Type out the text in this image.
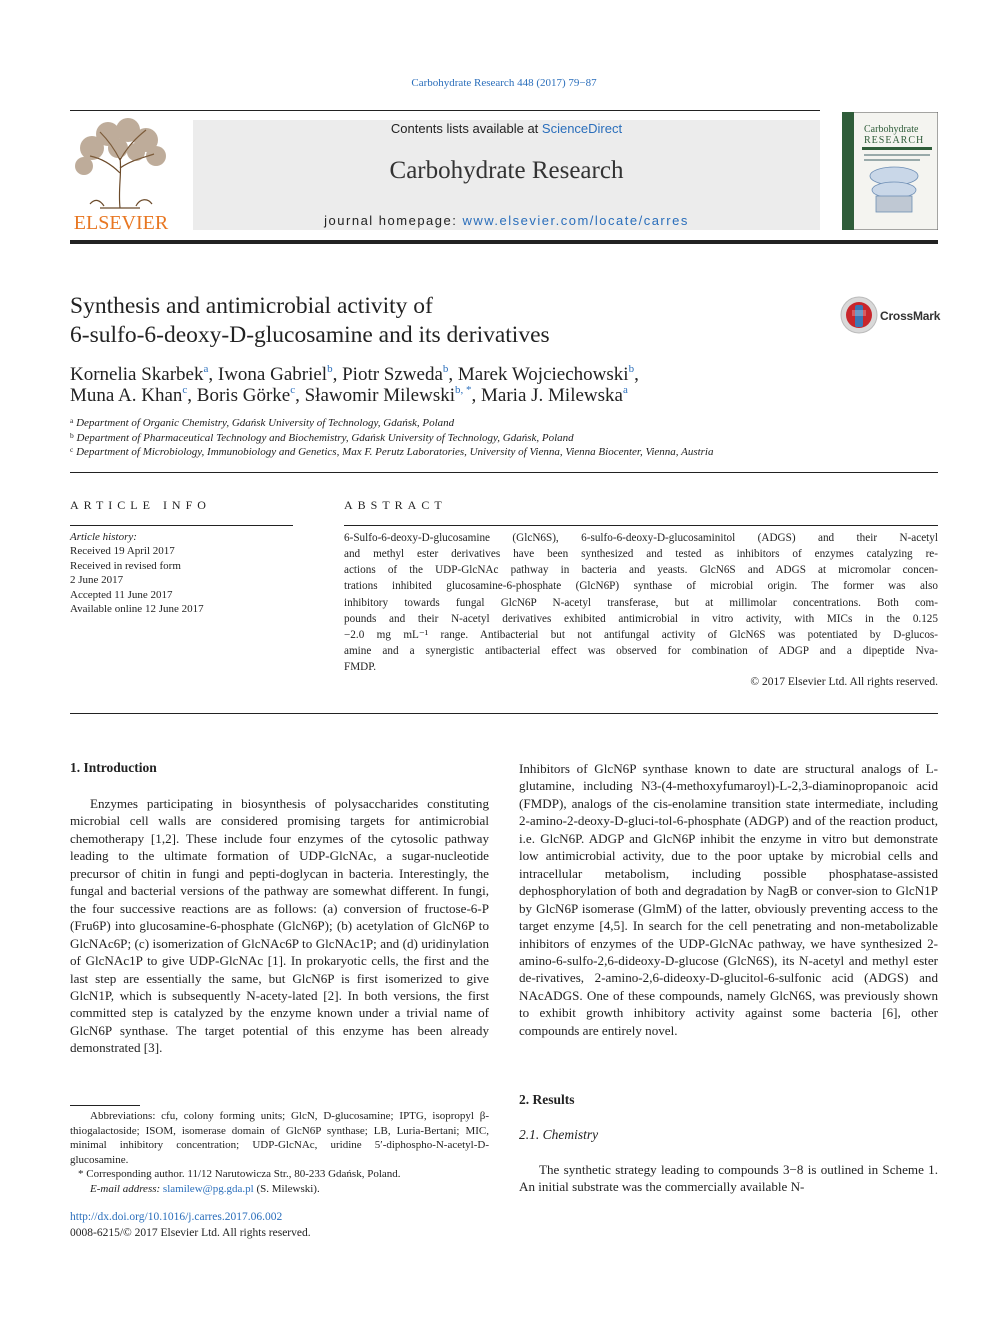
Carbohydrate Research 448 (2017) 79−87
ELSEVIER
Contents lists available at ScienceDirect
Carbohydrate Research
journal homepage: www.elsevier.com/locate/carres
Carbohydrate
RESEARCH
Synthesis and antimicrobial activity of
6-sulfo-6-deoxy-D-glucosamine and its derivatives
CrossMark
Kornelia Skarbek$^a$, Iwona Gabriel$^b$, Piotr Szweda$^b$, Marek Wojciechowski$^b$,
Muna A. Khan$^c$, Boris Görke$^c$, Sławomir Milewski$^{b, *}$, Maria J. Milewska$^a$
$^a$ Department of Organic Chemistry, Gdańsk University of Technology, Gdańsk, Poland
$^b$ Department of Pharmaceutical Technology and Biochemistry, Gdańsk University of Technology, Gdańsk, Poland
$^c$ Department of Microbiology, Immunobiology and Genetics, Max F. Perutz Laboratories, University of Vienna, Vienna Biocenter, Vienna, Austria
ARTICLE INFO
Article history:
Received 19 April 2017
Received in revised form
2 June 2017
Accepted 11 June 2017
Available online 12 June 2017
ABSTRACT
6-Sulfo-6-deoxy-D-glucosamine (GlcN6S), 6-sulfo-6-deoxy-D-glucosaminitol (ADGS) and their N-acetyl
and methyl ester derivatives have been synthesized and tested as inhibitors of enzymes catalyzing re-
actions of the UDP-GlcNAc pathway in bacteria and yeasts. GlcN6S and ADGS at micromolar concen-
trations inhibited glucosamine-6-phosphate (GlcN6P) synthase of microbial origin. The former was also
inhibitory towards fungal GlcN6P N-acetyl transferase, but at millimolar concentrations. Both com-
pounds and their N-acetyl derivatives exhibited antimicrobial in vitro activity, with MICs in the 0.125
−2.0 mg mL⁻¹ range. Antibacterial but not antifungal activity of GlcN6S was potentiated by D-glucos-
amine and a synergistic antibacterial effect was observed for combination of ADGP and a dipeptide Nva-
FMDP.
© 2017 Elsevier Ltd. All rights reserved.
1. Introduction
Enzymes participating in biosynthesis of polysaccharides constituting microbial cell walls are considered promising targets for antimicrobial chemotherapy [1,2]. These include four enzymes of the cytosolic pathway leading to the ultimate formation of UDP-GlcNAc, a sugar-nucleotide precursor of chitin in fungi and pepti-doglycan in bacteria. Interestingly, the fungal and bacterial versions of the pathway are somewhat different. In fungi, the four successive reactions are as follows: (a) conversion of fructose-6-P (Fru6P) into glucosamine-6-phosphate (GlcN6P); (b) acetylation of GlcN6P to GlcNAc6P; (c) isomerization of GlcNAc6P to GlcNAc1P; and (d) uridinylation of GlcNAc1P to give UDP-GlcNAc [1]. In prokaryotic cells, the first and the last step are essentially the same, but GlcN6P is first isomerized to give GlcN1P, which is subsequently N-acety-lated [2]. In both versions, the first committed step is catalyzed by the enzyme known under a trivial name of GlcN6P synthase. The target potential of this enzyme has been already demonstrated [3].
Inhibitors of GlcN6P synthase known to date are structural analogs of L-glutamine, including N3-(4-methoxyfumaroyl)-L-2,3-diaminopropanoic acid (FMDP), analogs of the cis-enolamine transition state intermediate, including 2-amino-2-deoxy-D-gluci-tol-6-phosphate (ADGP) and of the reaction product, i.e. GlcN6P. ADGP and GlcN6P inhibit the enzyme in vitro but demonstrate low antimicrobial activity, due to the poor uptake by microbial cells and intracellular metabolism, including possible phosphatase-assisted dephosphorylation of both and degradation by NagB or conver-sion to GlcN1P by GlcN6P isomerase (GlmM) of the latter, obviously preventing access to the target enzyme [4,5]. In search for the cell penetrating and non-metabolizable inhibitors of enzymes of the UDP-GlcNAc pathway, we have synthesized 2-amino-6-sulfo-2,6-dideoxy-D-glucose (GlcN6S), its N-acetyl and methyl ester de-rivatives, 2-amino-2,6-dideoxy-D-glucitol-6-sulfonic acid (ADGS) and NAcADGS. One of these compounds, namely GlcN6S, was previously shown to exhibit growth inhibitory activity against some bacteria [6], other compounds are entirely novel.
2. Results
2.1. Chemistry
The synthetic strategy leading to compounds 3−8 is outlined in Scheme 1. An initial substrate was the commercially available N-
Abbreviations: cfu, colony forming units; GlcN, D-glucosamine; IPTG, isopropyl β-thiogalactoside; ISOM, isomerase domain of GlcN6P synthase; LB, Luria-Bertani; MIC, minimal inhibitory concentration; UDP-GlcNAc, uridine 5′-diphospho-N-acetyl-D-glucosamine.
* Corresponding author. 11/12 Narutowicza Str., 80-233 Gdańsk, Poland.
E-mail address: slamilew@pg.gda.pl (S. Milewski).
http://dx.doi.org/10.1016/j.carres.2017.06.002
0008-6215/© 2017 Elsevier Ltd. All rights reserved.
